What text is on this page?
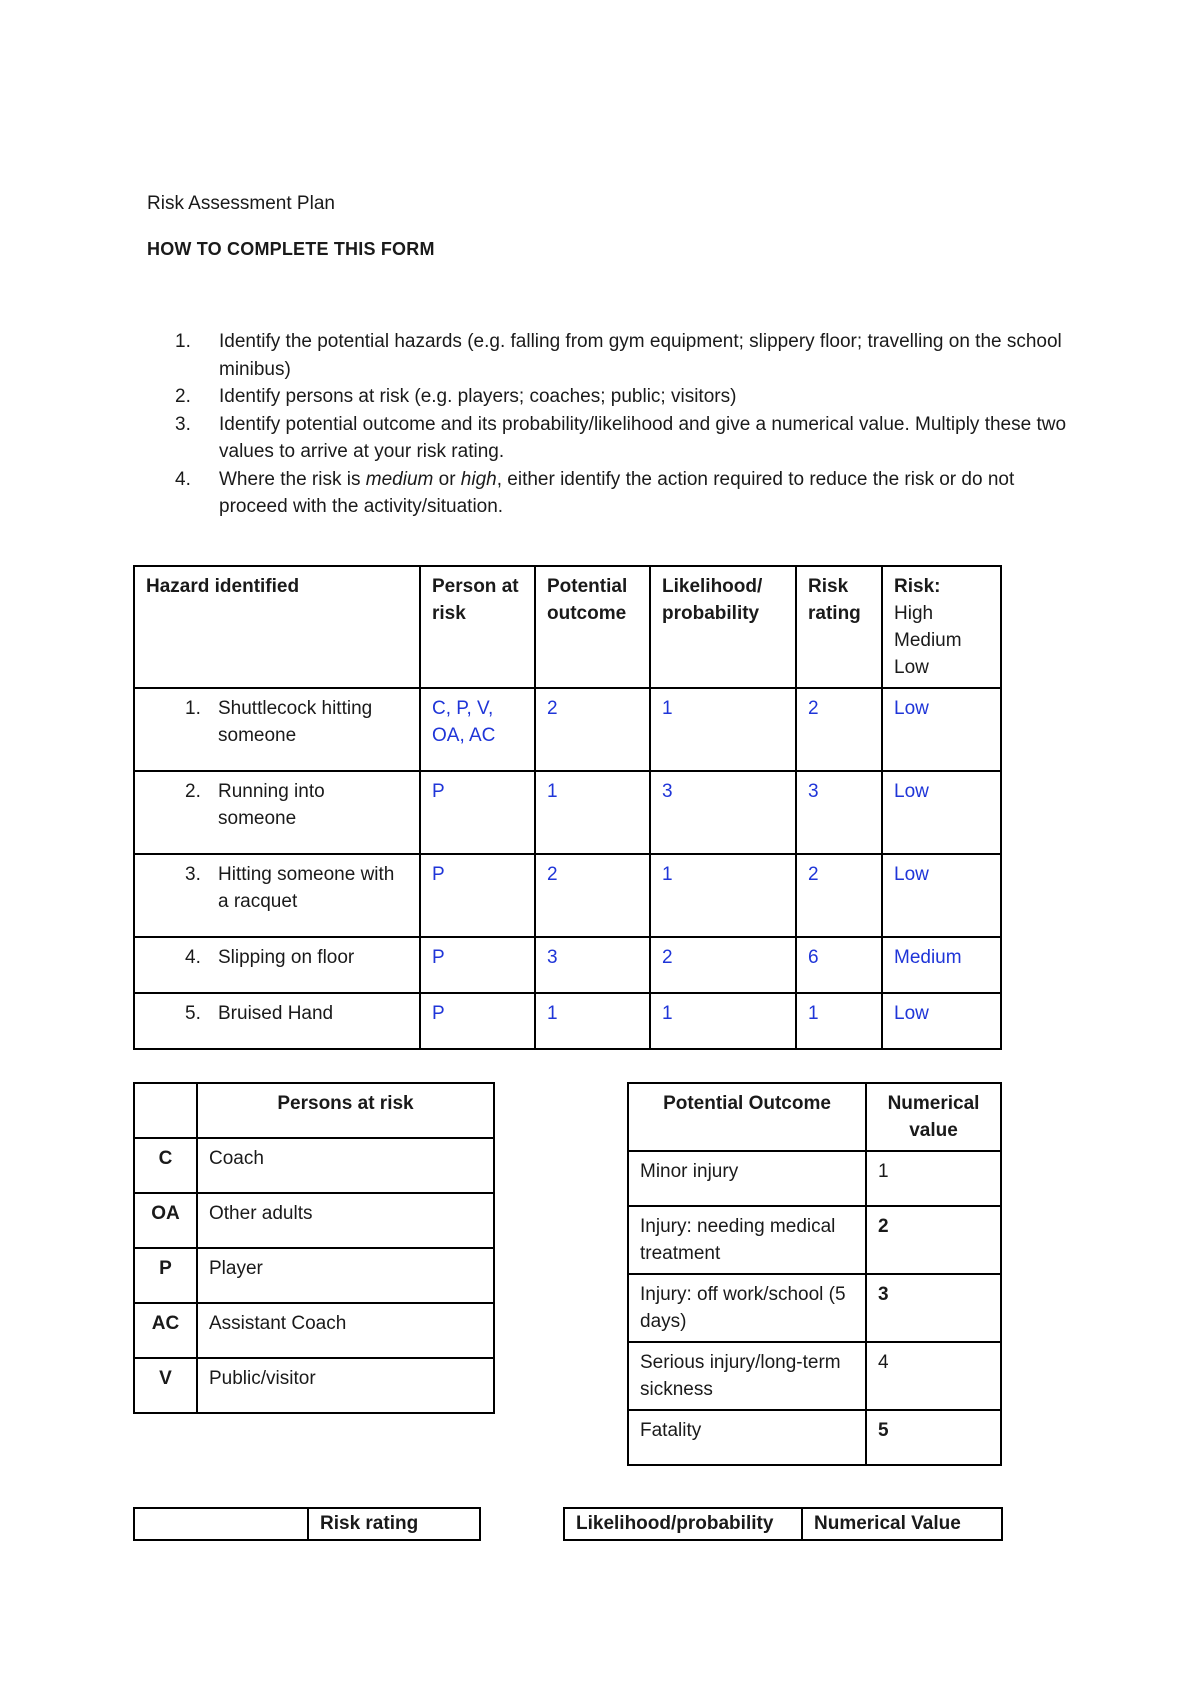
Risk Assessment Plan
HOW TO COMPLETE THIS FORM
1. Identify the potential hazards (e.g. falling from gym equipment; slippery floor; travelling on the school minibus)
2. Identify persons at risk (e.g. players; coaches; public; visitors)
3. Identify potential outcome and its probability/likelihood and give a numerical value. Multiply these two values to arrive at your risk rating.
4. Where the risk is medium or high, either identify the action required to reduce the risk or do not proceed with the activity/situation.
Hazard identified	Person at risk	Potential outcome	Likelihood/ probability	Risk rating	Risk:
High
Medium
Low

1. Shuttlecock hitting someone	C, P, V, OA, AC	2	1	2	Low

2. Running into someone	P	1	3	3	Low

3. Hitting someone with a racquet	P	2	1	2	Low

4. Slipping on floor	P	3	2	6	Medium

5. Bruised Hand	P	1	1	1	Low
	Persons at risk
C	Coach
OA	Other adults
P	Player
AC	Assistant Coach
V	Public/visitor
Potential Outcome	Numerical value
Minor injury	1
Injury: needing medical treatment	2
Injury: off work/school (5 days)	3
Serious injury/long-term sickness	4
Fatality	5
	Risk rating	Likelihood/probability	Numerical Value
